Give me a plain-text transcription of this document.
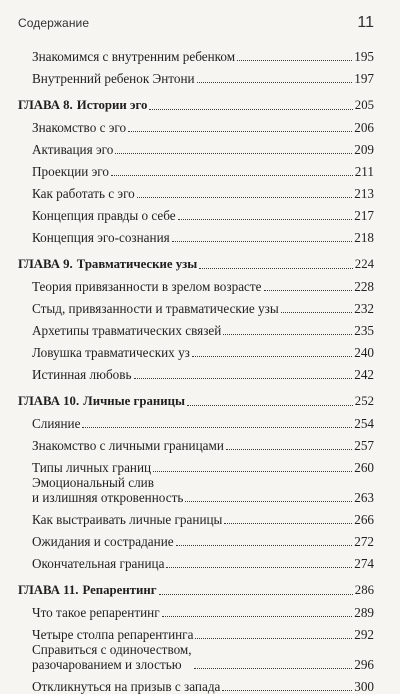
Содержание	11
Знакомимся с внутренним ребенком	195
Внутренний ребенок Энтони	197
ГЛАВА 8. Истории эго	205
Знакомство с эго	206
Активация эго	209
Проекции эго	211
Как работать с эго	213
Концепция правды о себе	217
Концепция эго-сознания	218
ГЛАВА 9. Травматические узы	224
Теория привязанности в зрелом возрасте	228
Стыд, привязанности и травматические узы	232
Архетипы травматических связей	235
Ловушка травматических уз	240
Истинная любовь	242
ГЛАВА 10. Личные границы	252
Слияние	254
Знакомство с личными границами	257
Типы личных границ	260
Эмоциональный слив
и излишняя откровенность	263
Как выстраивать личные границы	266
Ожидания и сострадание	272
Окончательная граница	274
ГЛАВА 11. Репарентинг	286
Что такое репарентинг	289
Четыре столпа репарентинга	292
Справиться с одиночеством,
разочарованием и злостью	296
Откликнуться на призыв с запада	300
